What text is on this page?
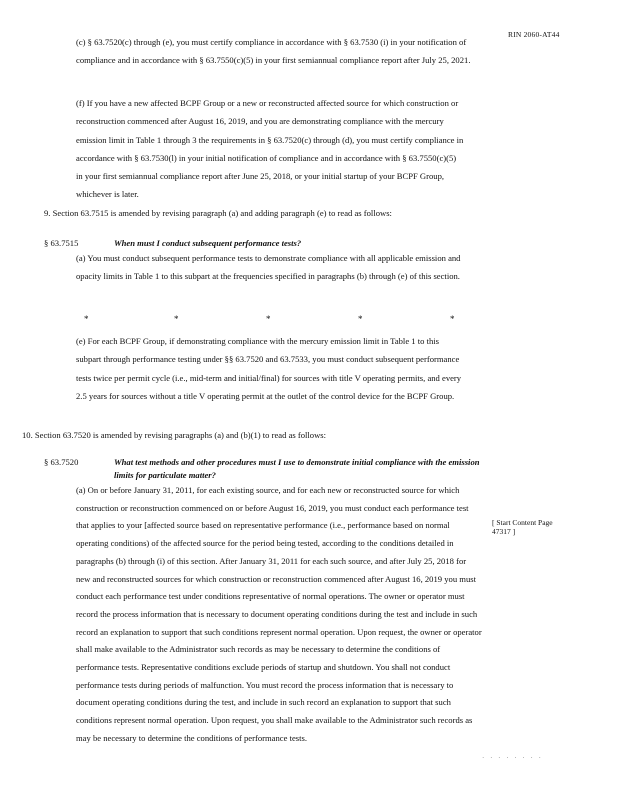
RIN 2060-AT44

(c) § 63.7520(c) through (e), you must certify compliance in accordance with § 63.7530 (i) in your notification of compliance and in accordance with § 63.7550(c)(5) in your first semiannual compliance report after July 25, 2021.

(f) If you have a new affected BCPF Group or a new or reconstructed affected source for which construction or reconstruction commenced after August 16, 2019, and you are demonstrating compliance with the mercury emission limit in Table 1 through 3 the requirements in § 63.7520(c) through (d), you must certify compliance in accordance with § 63.7530(l) in your initial notification of compliance and in accordance with § 63.7550(c)(5) in your first semiannual compliance report after June 25, 2018, or your initial startup of your BCPF Group, whichever is later.

9. Section 63.7515 is amended by revising paragraph (a) and adding paragraph (e) to read as follows:

§ 63.7515	When must I conduct subsequent performance tests?

(a) You must conduct subsequent performance tests to demonstrate compliance with all applicable emission and opacity limits in Table 1 to this subpart at the frequencies specified in paragraphs (b) through (e) of this section.

*	*	*	*	*

(e) For each BCPF Group, if demonstrating compliance with the mercury emission limit in Table 1 to this subpart through performance testing under §§ 63.7520 and 63.7533, you must conduct subsequent performance tests twice per permit cycle (i.e., mid-term and initial/final) for sources with title V operating permits, and every 2.5 years for sources without a title V operating permit at the outlet of the control device for the BCPF Group.

10. Section 63.7520 is amended by revising paragraphs (a) and (b)(1) to read as follows:

§ 63.7520	What test methods and other procedures must I use to demonstrate initial compliance with the emission limits for particulate matter?

(a) On or before January 31, 2011, for each existing source, and for each new or reconstructed source for which construction or reconstruction commenced on or before August 16, 2019, you must conduct each performance test that applies to your [affected source based on representative performance (i.e., performance based on normal operating conditions) of the affected source for the period being tested, according to the conditions detailed in paragraphs (b) through (i) of this section. After January 31, 2011 for each such source, and after July 25, 2018 for new and reconstructed sources for which construction or reconstruction commenced after August 16, 2019 you must conduct each performance test under conditions representative of normal operations. The owner or operator must record the process information that is necessary to document operating conditions during the test and include in such record an explanation to support that such conditions represent normal operation. Upon request, the owner or operator shall make available to the Administrator such records as may be necessary to determine the conditions of performance tests. Representative conditions exclude periods of startup and shutdown. You shall not conduct performance tests during periods of malfunction. You must record the process information that is necessary to document operating conditions during the test, and include in such record an explanation to support that such conditions represent normal operation. Upon request, you shall make available to the Administrator such records as may be necessary to determine the conditions of performance tests.

[ Start Content Page 47317 ]
· · · · · · · ·
